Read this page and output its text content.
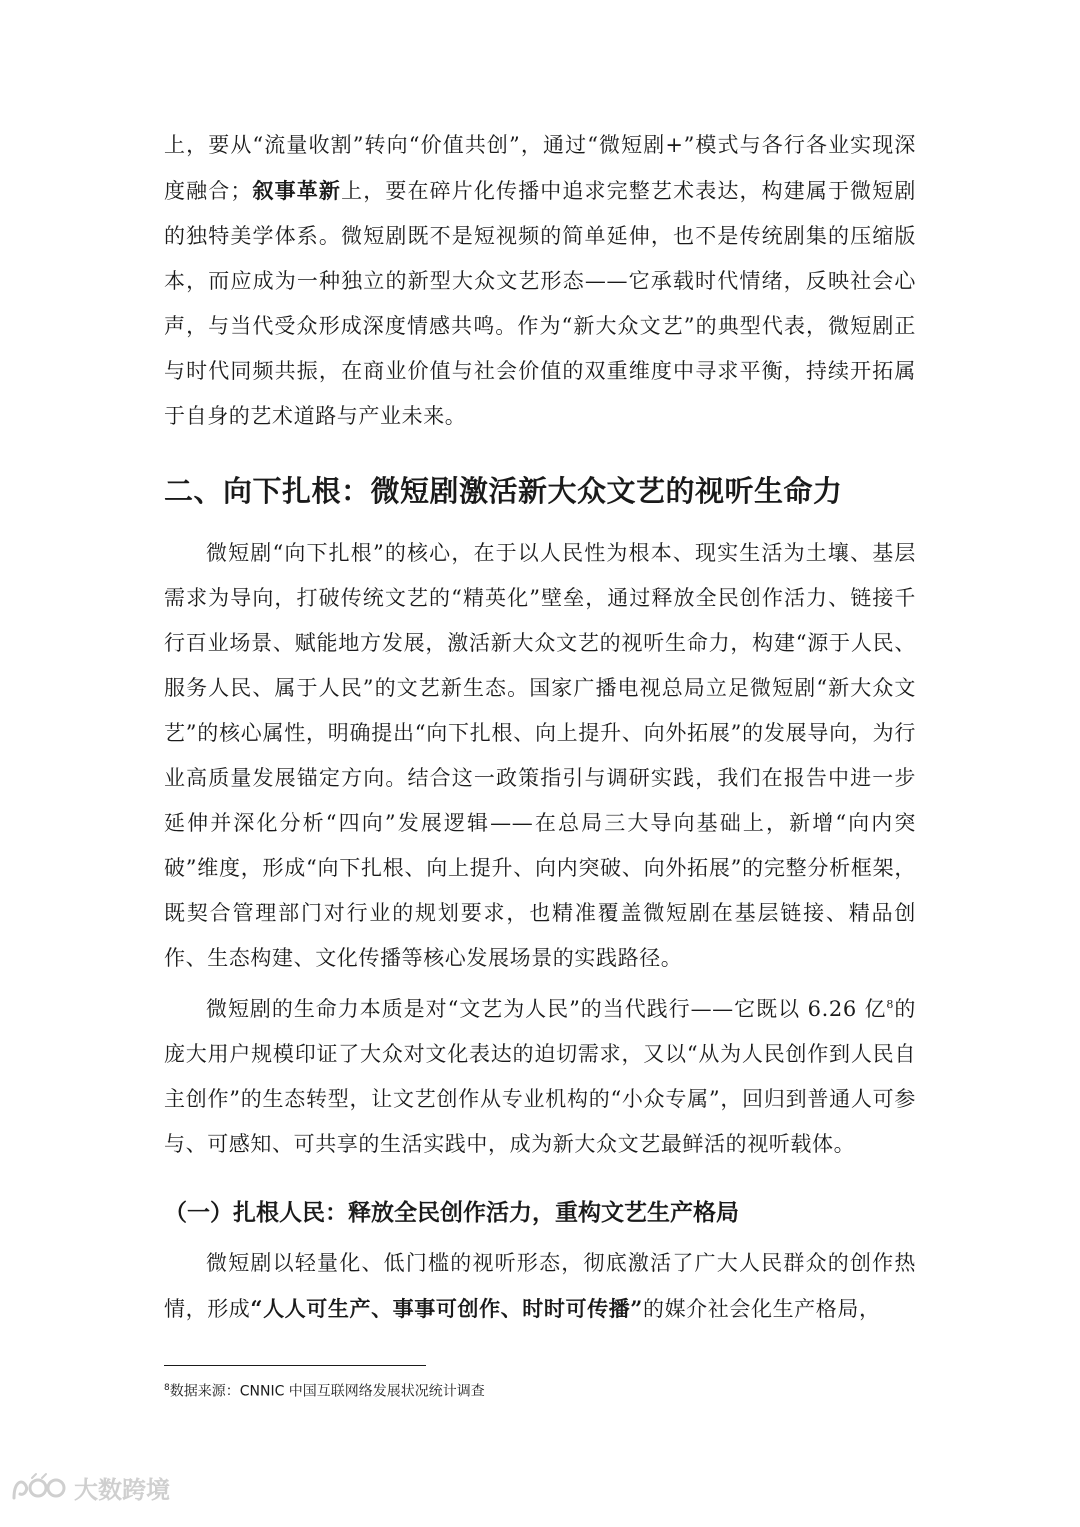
上，要从“流量收割”转向“价值共创”，通过“微短剧+”模式与各行各业实现深度融合；叙事革新上，要在碎片化传播中追求完整艺术表达，构建属于微短剧的独特美学体系。微短剧既不是短视频的简单延伸，也不是传统剧集的压缩版本，而应成为一种独立的新型大众文艺形态——它承载时代情绪，反映社会心声，与当代受众形成深度情感共鸣。作为“新大众文艺”的典型代表，微短剧正与时代同频共振，在商业价值与社会价值的双重维度中寻求平衡，持续开拓属于自身的艺术道路与产业未来。

二、向下扎根：微短剧激活新大众文艺的视听生命力

微短剧“向下扎根”的核心，在于以人民性为根本、现实生活为土壤、基层需求为导向，打破传统文艺的“精英化”壁垒，通过释放全民创作活力、链接千行百业场景、赋能地方发展，激活新大众文艺的视听生命力，构建“源于人民、服务人民、属于人民”的文艺新生态。国家广播电视总局立足微短剧“新大众文艺”的核心属性，明确提出“向下扎根、向上提升、向外拓展”的发展导向，为行业高质量发展锚定方向。结合这一政策指引与调研实践，我们在报告中进一步延伸并深化分析“四向”发展逻辑——在总局三大导向基础上，新增“向内突破”维度，形成“向下扎根、向上提升、向内突破、向外拓展”的完整分析框架，既契合管理部门对行业的规划要求，也精准覆盖微短剧在基层链接、精品创作、生态构建、文化传播等核心发展场景的实践路径。

微短剧的生命力本质是对“文艺为人民”的当代践行——它既以 6.26 亿$^8$的庞大用户规模印证了大众对文化表达的迫切需求，又以“从为人民创作到人民自主创作”的生态转型，让文艺创作从专业机构的“小众专属”，回归到普通人可参与、可感知、可共享的生活实践中，成为新大众文艺最鲜活的视听载体。

（一）扎根人民：释放全民创作活力，重构文艺生产格局

微短剧以轻量化、低门槛的视听形态，彻底激活了广大人民群众的创作热情，形成“人人可生产、事事可创作、时时可传播”的媒介社会化生产格局，

$^8$数据来源：CNNIC 中国互联网络发展状况统计调查
大数跨境
